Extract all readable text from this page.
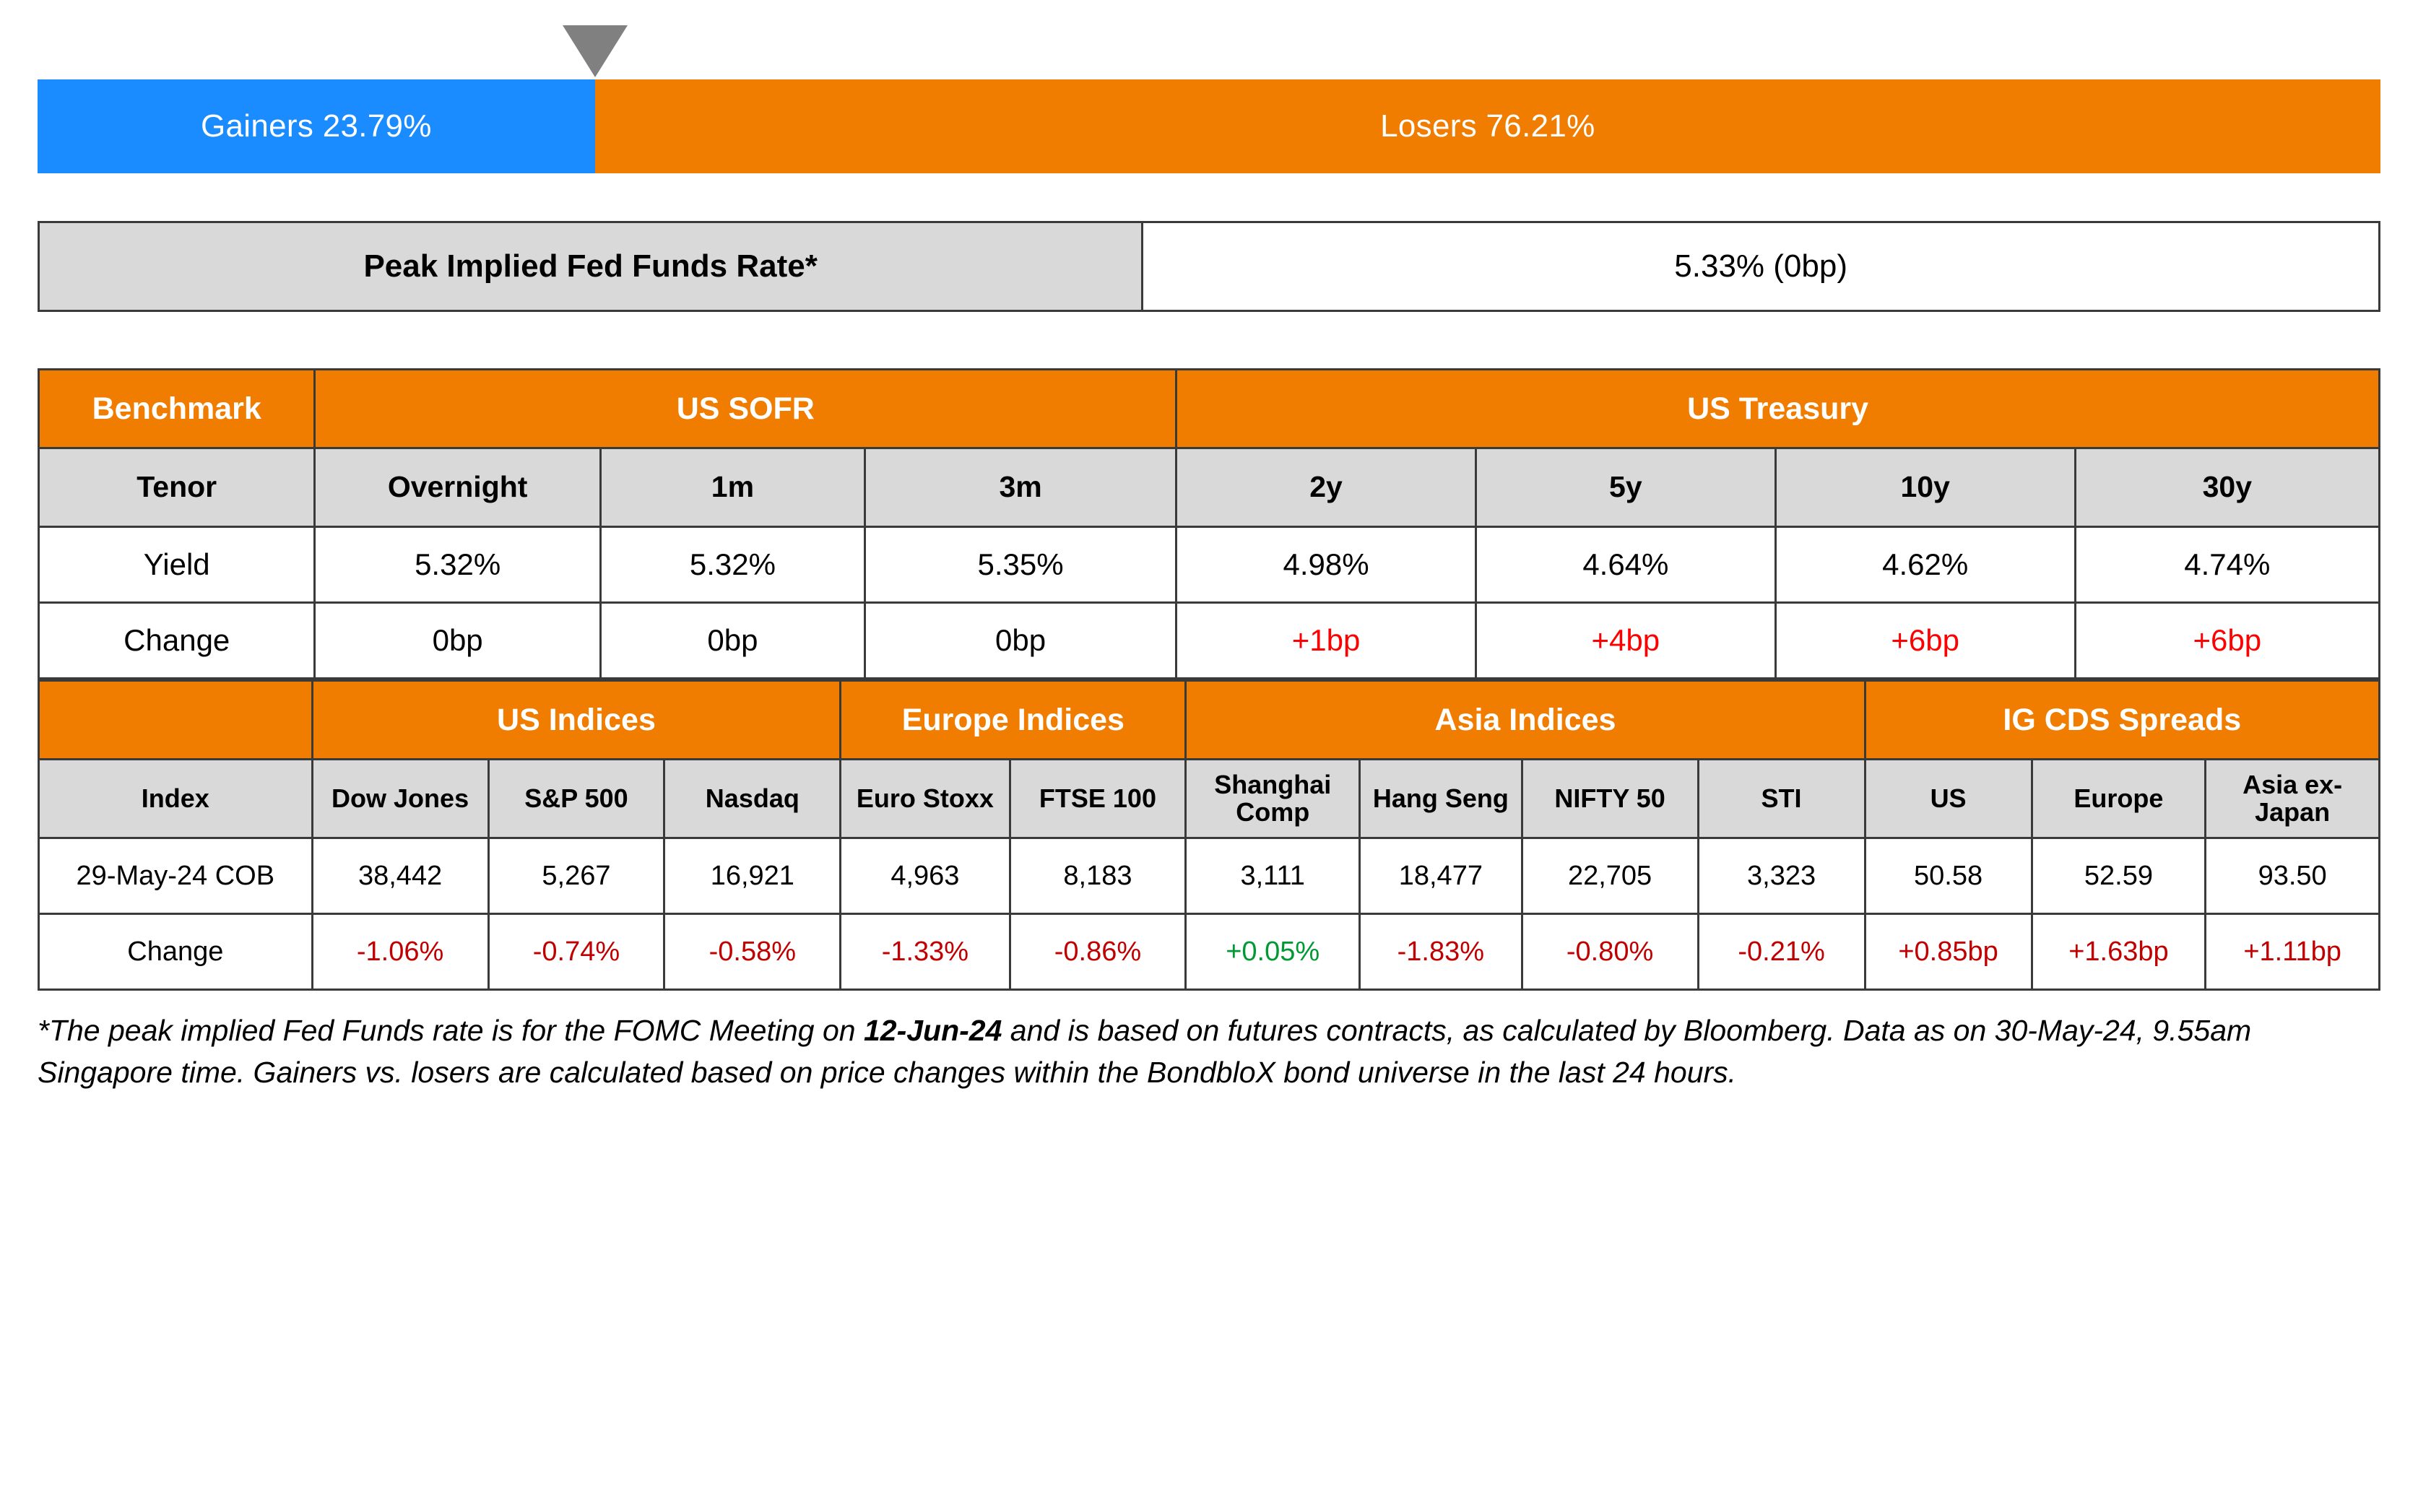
Gainers 23.79%	Losers 76.21%
Peak Implied Fed Funds Rate*	5.33% (0bp)
Benchmark	US SOFR			US Treasury			
Tenor	Overnight	1m	3m	2y	5y	10y	30y
Yield	5.32%	5.32%	5.35%	4.98%	4.64%	4.62%	4.74%
Change	0bp	0bp	0bp	+1bp	+4bp	+6bp	+6bp
	US Indices			Europe Indices		Asia Indices				IG CDS Spreads		
Index	Dow Jones	S&P 500	Nasdaq	Euro Stoxx	FTSE 100	Shanghai Comp	Hang Seng	NIFTY 50	STI	US	Europe	Asia ex-Japan
29-May-24 COB	38,442	5,267	16,921	4,963	8,183	3,111	18,477	22,705	3,323	50.58	52.59	93.50
Change	-1.06%	-0.74%	-0.58%	-1.33%	-0.86%	+0.05%	-1.83%	-0.80%	-0.21%	+0.85bp	+1.63bp	+1.11bp
*The peak implied Fed Funds rate is for the FOMC Meeting on 12-Jun-24 and is based on futures contracts, as calculated by Bloomberg. Data as on 30-May-24, 9.55am Singapore time. Gainers vs. losers are calculated based on price changes within the BondbloX bond universe in the last 24 hours.
